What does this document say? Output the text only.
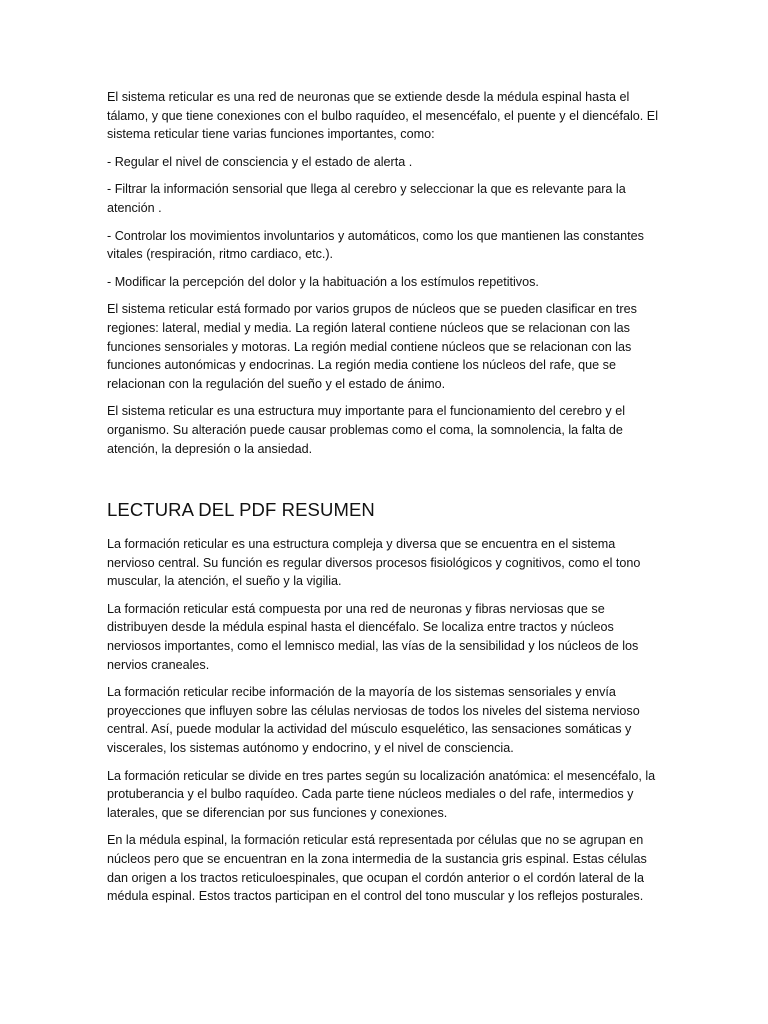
El sistema reticular es una red de neuronas que se extiende desde la médula espinal hasta el tálamo, y que tiene conexiones con el bulbo raquídeo, el mesencéfalo, el puente y el diencéfalo. El sistema reticular tiene varias funciones importantes, como:

- Regular el nivel de consciencia y el estado de alerta .

- Filtrar la información sensorial que llega al cerebro y seleccionar la que es relevante para la atención .

- Controlar los movimientos involuntarios y automáticos, como los que mantienen las constantes vitales (respiración, ritmo cardiaco, etc.).

- Modificar la percepción del dolor y la habituación a los estímulos repetitivos.

El sistema reticular está formado por varios grupos de núcleos que se pueden clasificar en tres regiones: lateral, medial y media. La región lateral contiene núcleos que se relacionan con las funciones sensoriales y motoras. La región medial contiene núcleos que se relacionan con las funciones autonómicas y endocrinas. La región media contiene los núcleos del rafe, que se relacionan con la regulación del sueño y el estado de ánimo.

El sistema reticular es una estructura muy importante para el funcionamiento del cerebro y el organismo. Su alteración puede causar problemas como el coma, la somnolencia, la falta de atención, la depresión o la ansiedad.

LECTURA DEL PDF RESUMEN

La formación reticular es una estructura compleja y diversa que se encuentra en el sistema nervioso central. Su función es regular diversos procesos fisiológicos y cognitivos, como el tono muscular, la atención, el sueño y la vigilia.

La formación reticular está compuesta por una red de neuronas y fibras nerviosas que se distribuyen desde la médula espinal hasta el diencéfalo. Se localiza entre tractos y núcleos nerviosos importantes, como el lemnisco medial, las vías de la sensibilidad y los núcleos de los nervios craneales.

La formación reticular recibe información de la mayoría de los sistemas sensoriales y envía proyecciones que influyen sobre las células nerviosas de todos los niveles del sistema nervioso central. Así, puede modular la actividad del músculo esquelético, las sensaciones somáticas y viscerales, los sistemas autónomo y endocrino, y el nivel de consciencia.

La formación reticular se divide en tres partes según su localización anatómica: el mesencéfalo, la protuberancia y el bulbo raquídeo. Cada parte tiene núcleos mediales o del rafe, intermedios y laterales, que se diferencian por sus funciones y conexiones.

En la médula espinal, la formación reticular está representada por células que no se agrupan en núcleos pero que se encuentran en la zona intermedia de la sustancia gris espinal. Estas células dan origen a los tractos reticuloespinales, que ocupan el cordón anterior o el cordón lateral de la médula espinal. Estos tractos participan en el control del tono muscular y los reflejos posturales.
